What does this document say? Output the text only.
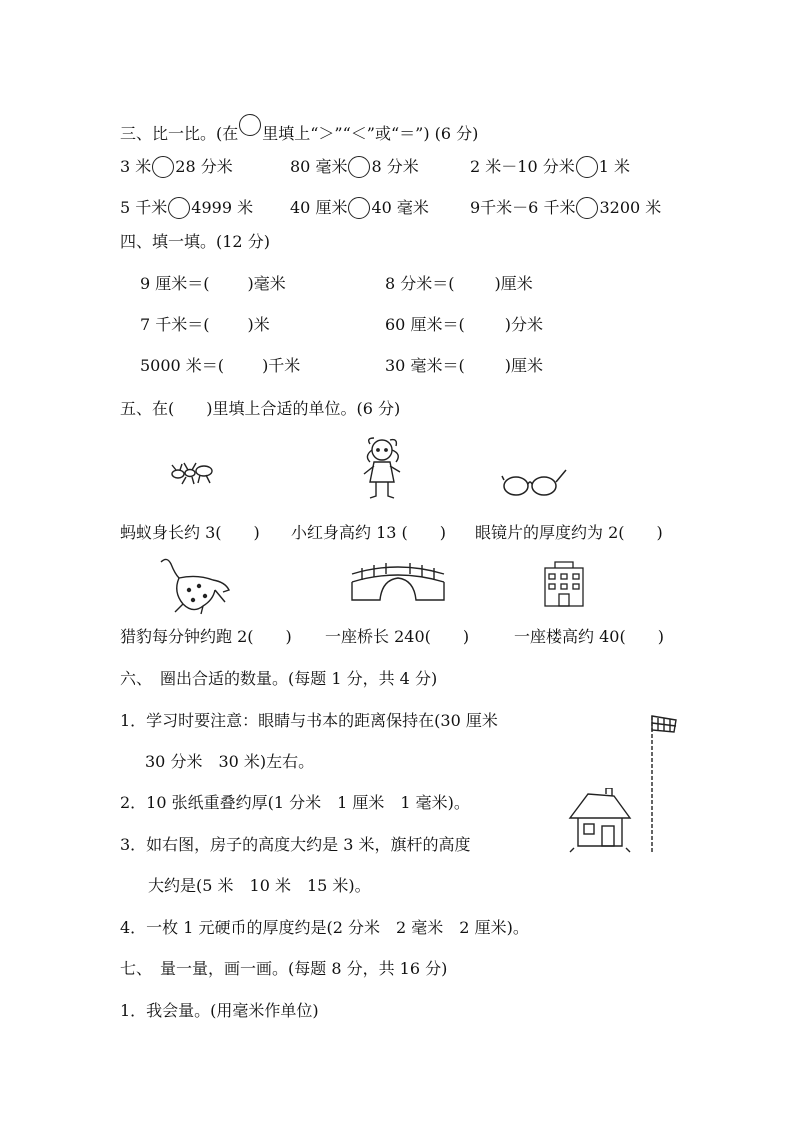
三、比一比。(在 里填上“＞”“＜”或“＝”) (6 分)
3 米 28 分米	80 毫米 8 分米	2 米－10 分米 1 米
5 千米 4999 米 40 厘米 40 毫米	9千米－6 千米 3200 米
四、填一填。(12 分)
9 厘米＝( )毫米	8 分米＝(	)厘米
7 千米＝( )米	60 厘米＝(	)分米
5000 米＝( )千米	30 毫米＝(	)厘米
五、在(　　)里填上合适的单位。(6 分)
蚂蚁身长约 3(　　) 小红身高约 13 (　　) 眼镜片的厚度约为 2(　　)
猎豹每分钟约跑 2(　　) 一座桥长 240(　　)	一座楼高约 40(　　)
六、　圈出合适的数量。(每题 1 分，共 4 分)
1．学习时要注意：眼睛与书本的距离保持在(30 厘米
30 分米　30 米)左右。
2．10 张纸重叠约厚(1 分米　1 厘米　1 毫米)。
3．如右图，房子的高度大约是 3 米，旗杆的高度
大约是(5 米　10 米　15 米)。
4．一枚 1 元硬币的厚度约是(2 分米　2 毫米　2 厘米)。
七、　量一量，画一画。(每题 8 分，共 16 分)
1．我会量。(用毫米作单位)
